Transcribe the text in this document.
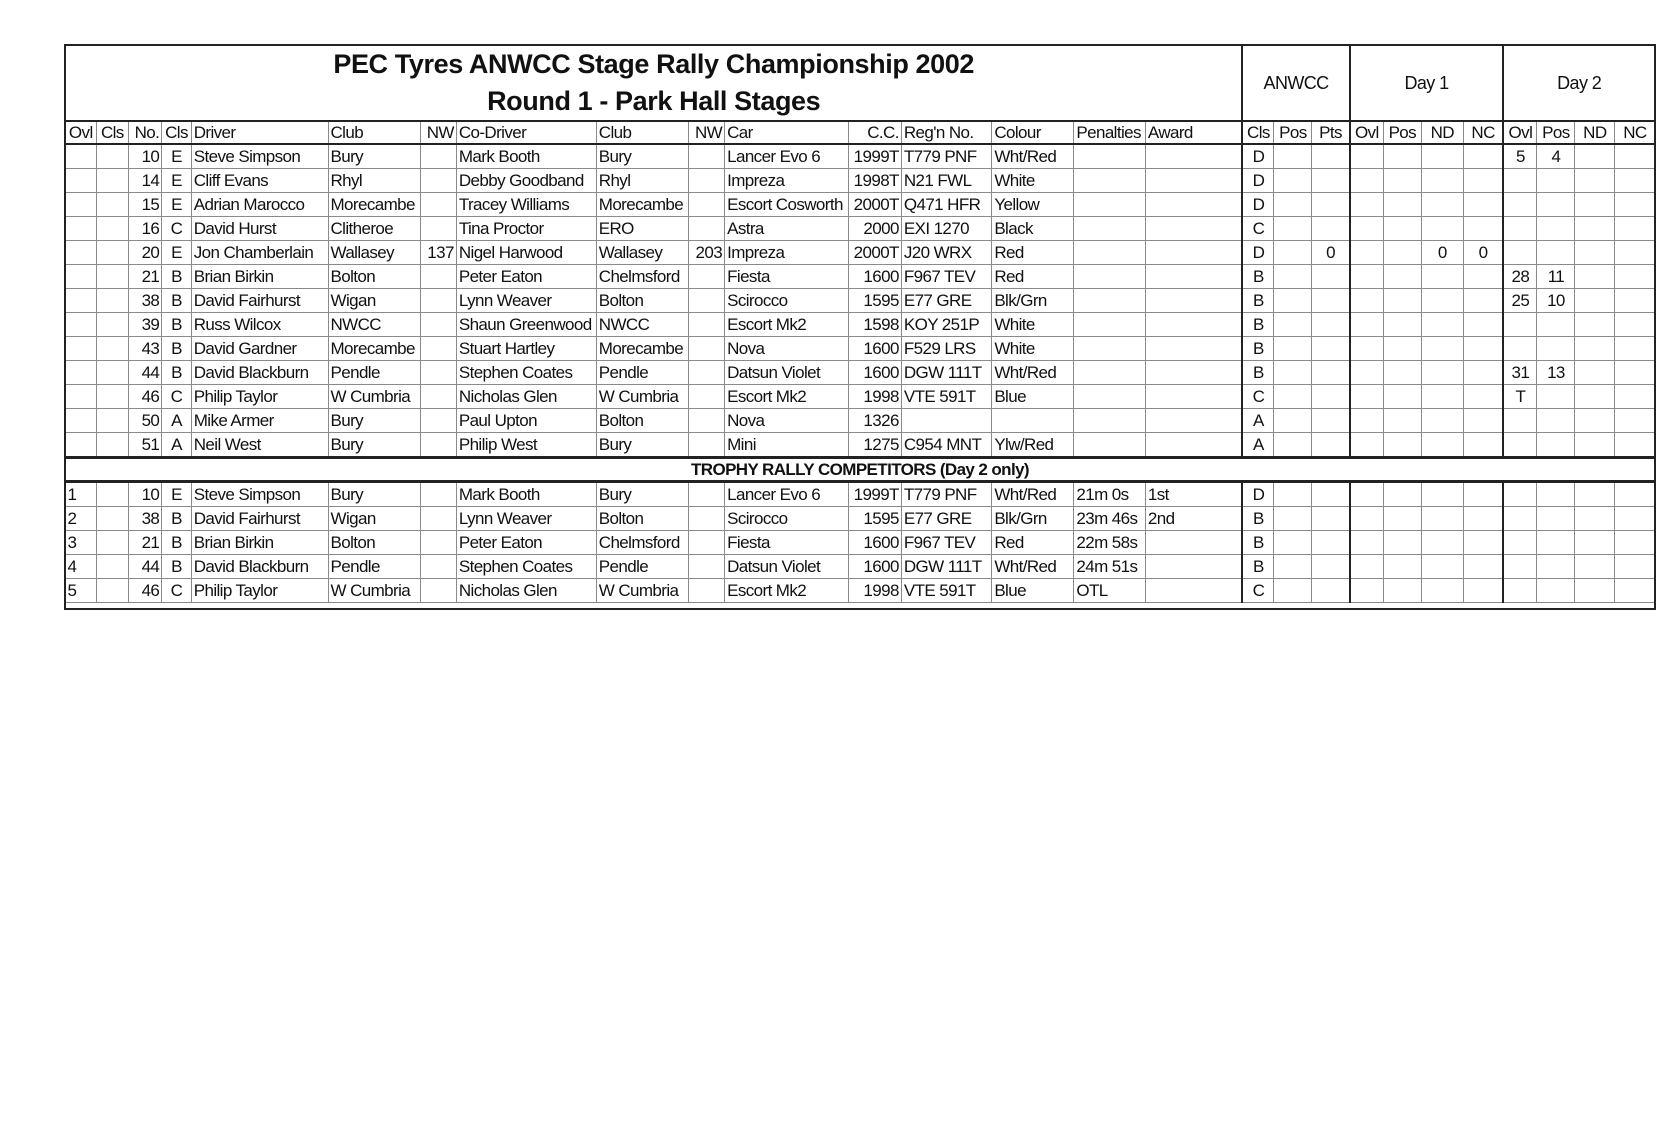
PEC Tyres ANWCC Stage Rally Championship 2002
Round 1 - Park Hall Stages																ANWCC			Day 1				Day 2			
Ovl	Cls	No.	Cls	Driver	Club	NW	Co-Driver	Club	NW	Car	C.C.	Reg'n No.	Colour	Penalties	Award	Cls	Pos	Pts	Ovl	Pos	ND	NC	Ovl	Pos	ND	NC
		10	E	Steve Simpson	Bury		Mark Booth	Bury		Lancer Evo 6	1999T	T779 PNF	Wht/Red			D							5	4		
		14	E	Cliff Evans	Rhyl		Debby Goodband	Rhyl		Impreza	1998T	N21 FWL	White			D										
		15	E	Adrian Marocco	Morecambe		Tracey Williams	Morecambe		Escort Cosworth	2000T	Q471 HFR	Yellow			D										
		16	C	David Hurst	Clitheroe		Tina Proctor	ERO		Astra	2000	EXI 1270	Black			C										
		20	E	Jon Chamberlain	Wallasey	137	Nigel Harwood	Wallasey	203	Impreza	2000T	J20 WRX	Red			D		0			0	0				
		21	B	Brian Birkin	Bolton		Peter Eaton	Chelmsford		Fiesta	1600	F967 TEV	Red			B							28	11		
		38	B	David Fairhurst	Wigan		Lynn Weaver	Bolton		Scirocco	1595	E77 GRE	Blk/Grn			B							25	10		
		39	B	Russ Wilcox	NWCC		Shaun Greenwood	NWCC		Escort Mk2	1598	KOY 251P	White			B										
		43	B	David Gardner	Morecambe		Stuart Hartley	Morecambe		Nova	1600	F529 LRS	White			B										
		44	B	David Blackburn	Pendle		Stephen Coates	Pendle		Datsun Violet	1600	DGW 111T	Wht/Red			B							31	13		
		46	C	Philip Taylor	W Cumbria		Nicholas Glen	W Cumbria		Escort Mk2	1998	VTE 591T	Blue			C							T			
		50	A	Mike Armer	Bury		Paul Upton	Bolton		Nova	1326					A										
		51	A	Neil West	Bury		Philip West	Bury		Mini	1275	C954 MNT	Ylw/Red			A										
TROPHY RALLY COMPETITORS (Day 2 only)																										
1		10	E	Steve Simpson	Bury		Mark Booth	Bury		Lancer Evo 6	1999T	T779 PNF	Wht/Red	21m 0s	1st	D										
2		38	B	David Fairhurst	Wigan		Lynn Weaver	Bolton		Scirocco	1595	E77 GRE	Blk/Grn	23m 46s	2nd	B										
3		21	B	Brian Birkin	Bolton		Peter Eaton	Chelmsford		Fiesta	1600	F967 TEV	Red	22m 58s		B										
4		44	B	David Blackburn	Pendle		Stephen Coates	Pendle		Datsun Violet	1600	DGW 111T	Wht/Red	24m 51s		B										
5		46	C	Philip Taylor	W Cumbria		Nicholas Glen	W Cumbria		Escort Mk2	1998	VTE 591T	Blue	OTL		C										
